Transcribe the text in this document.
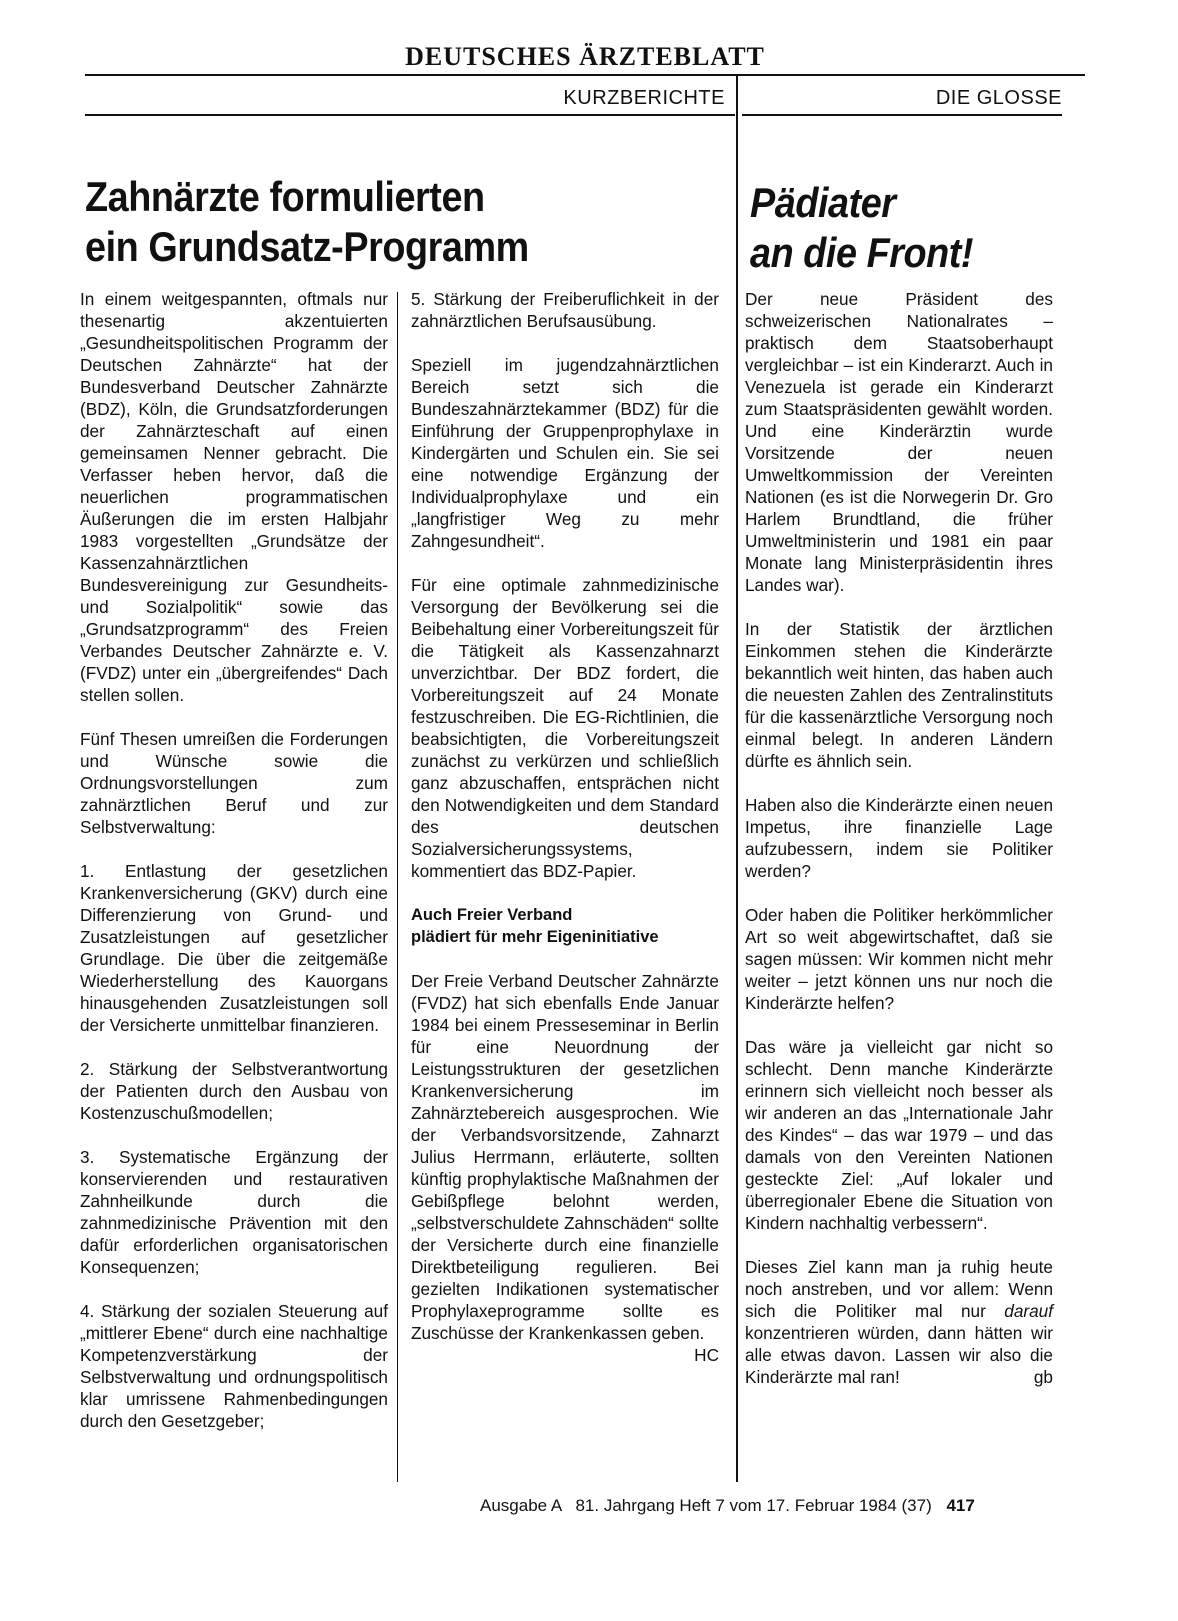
DEUTSCHES ÄRZTEBLATT
KURZBERICHTE	DIE GLOSSE
Zahnärzte formulierten
ein Grundsatz-Programm
Pädiater
an die Front!

In einem weitgespannten, oftmals nur thesenartig akzentuierten „Gesundheitspolitischen Programm der Deutschen Zahnärzte“ hat der Bundesverband Deutscher Zahnärzte (BDZ), Köln, die Grundsatzforderungen der Zahnärzteschaft auf einen gemeinsamen Nenner gebracht. Die Verfasser heben hervor, daß die neuerlichen programmatischen Äußerungen die im ersten Halbjahr 1983 vorgestellten „Grundsätze der Kassenzahnärztlichen Bundesvereinigung zur Gesundheits- und Sozialpolitik“ sowie das „Grundsatzprogramm“ des Freien Verbandes Deutscher Zahnärzte e. V. (FVDZ) unter ein „übergreifendes“ Dach stellen sollen.

Fünf Thesen umreißen die Forderungen und Wünsche sowie die Ordnungsvorstellungen zum zahnärztlichen Beruf und zur Selbstverwaltung:

1. Entlastung der gesetzlichen Krankenversicherung (GKV) durch eine Differenzierung von Grund- und Zusatzleistungen auf gesetzlicher Grundlage. Die über die zeitgemäße Wiederherstellung des Kauorgans hinausgehenden Zusatzleistungen soll der Versicherte unmittelbar finanzieren.

2. Stärkung der Selbstverantwortung der Patienten durch den Ausbau von Kostenzuschußmodellen;

3. Systematische Ergänzung der konservierenden und restaurativen Zahnheilkunde durch die zahnmedizinische Prävention mit den dafür erforderlichen organisatorischen Konsequenzen;

4. Stärkung der sozialen Steuerung auf „mittlerer Ebene“ durch eine nachhaltige Kompetenzverstärkung der Selbstverwaltung und ordnungspolitisch klar umrissene Rahmenbedingungen durch den Gesetzgeber;

5. Stärkung der Freiberuflichkeit in der zahnärztlichen Berufsausübung.

Speziell im jugendzahnärztlichen Bereich setzt sich die Bundeszahnärztekammer (BDZ) für die Einführung der Gruppenprophylaxe in Kindergärten und Schulen ein. Sie sei eine notwendige Ergänzung der Individualprophylaxe und ein „langfristiger Weg zu mehr Zahngesundheit“.

Für eine optimale zahnmedizinische Versorgung der Bevölkerung sei die Beibehaltung einer Vorbereitungszeit für die Tätigkeit als Kassenzahnarzt unverzichtbar. Der BDZ fordert, die Vorbereitungszeit auf 24 Monate festzuschreiben. Die EG-Richtlinien, die beabsichtigten, die Vorbereitungszeit zunächst zu verkürzen und schließlich ganz abzuschaffen, entsprächen nicht den Notwendigkeiten und dem Standard des deutschen Sozialversicherungssystems, kommentiert das BDZ-Papier.

Auch Freier Verband
plädiert für mehr Eigeninitiative

Der Freie Verband Deutscher Zahnärzte (FVDZ) hat sich ebenfalls Ende Januar 1984 bei einem Presseseminar in Berlin für eine Neuordnung der Leistungsstrukturen der gesetzlichen Krankenversicherung im Zahnärztebereich ausgesprochen. Wie der Verbandsvorsitzende, Zahnarzt Julius Herrmann, erläuterte, sollten künftig prophylaktische Maßnahmen der Gebißpflege belohnt werden, „selbstverschuldete Zahnschäden“ sollte der Versicherte durch eine finanzielle Direktbeteiligung regulieren. Bei gezielten Indikationen systematischer Prophylaxeprogramme sollte es Zuschüsse der Krankenkassen geben.
HC

Der neue Präsident des schweizerischen Nationalrates – praktisch dem Staatsoberhaupt vergleichbar – ist ein Kinderarzt. Auch in Venezuela ist gerade ein Kinderarzt zum Staatspräsidenten gewählt worden. Und eine Kinderärztin wurde Vorsitzende der neuen Umweltkommission der Vereinten Nationen (es ist die Norwegerin Dr. Gro Harlem Brundtland, die früher Umweltministerin und 1981 ein paar Monate lang Ministerpräsidentin ihres Landes war).

In der Statistik der ärztlichen Einkommen stehen die Kinderärzte bekanntlich weit hinten, das haben auch die neuesten Zahlen des Zentralinstituts für die kassenärztliche Versorgung noch einmal belegt. In anderen Ländern dürfte es ähnlich sein.

Haben also die Kinderärzte einen neuen Impetus, ihre finanzielle Lage aufzubessern, indem sie Politiker werden?

Oder haben die Politiker herkömmlicher Art so weit abgewirtschaftet, daß sie sagen müssen: Wir kommen nicht mehr weiter – jetzt können uns nur noch die Kinderärzte helfen?

Das wäre ja vielleicht gar nicht so schlecht. Denn manche Kinderärzte erinnern sich vielleicht noch besser als wir anderen an das „Internationale Jahr des Kindes“ – das war 1979 – und das damals von den Vereinten Nationen gesteckte Ziel: „Auf lokaler und überregionaler Ebene die Situation von Kindern nachhaltig verbessern“.

Dieses Ziel kann man ja ruhig heute noch anstreben, und vor allem: Wenn sich die Politiker mal nur darauf konzentrieren würden, dann hätten wir alle etwas davon. Lassen wir also die Kinderärzte mal ran!	gb

Ausgabe A   81. Jahrgang Heft 7 vom 17. Februar 1984 (37) 417
